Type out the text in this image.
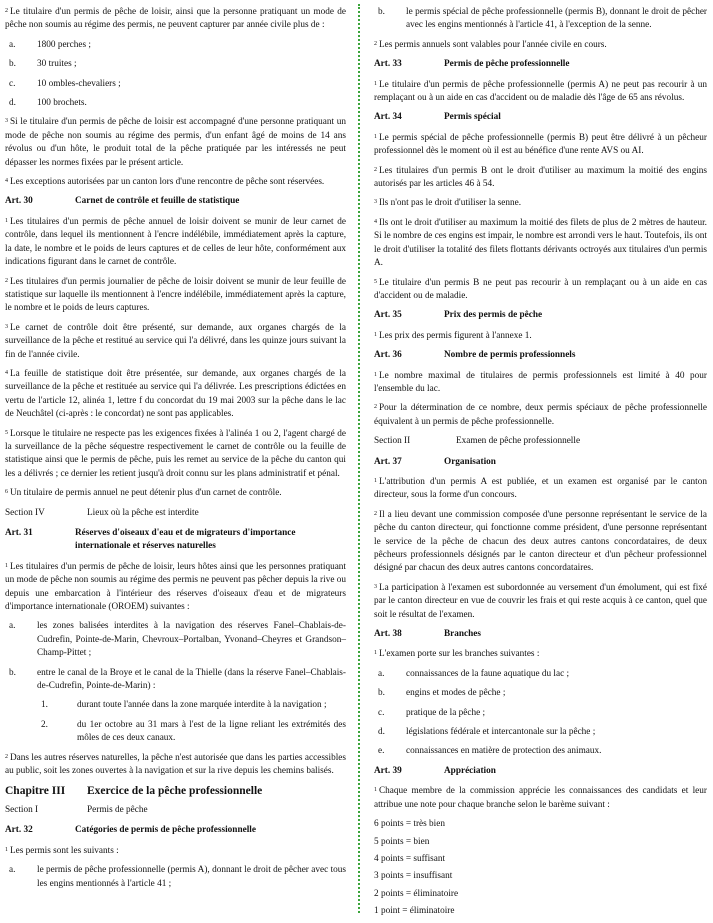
$^2$ Le titulaire d'un permis de pêche de loisir, ainsi que la personne pratiquant un mode de pêche non soumis au régime des permis, ne peuvent capturer par année civile plus de :

a.	1800 perches ;
b.	30 truites ;
c.	10 ombles-chevaliers ;
d.	100 brochets.

$^3$ Si le titulaire d'un permis de pêche de loisir est accompagné d'une personne pratiquant un mode de pêche non soumis au régime des permis, d'un enfant âgé de moins de 14 ans révolus ou d'un hôte, le produit total de la pêche pratiquée par les intéressés ne peut dépasser les normes fixées par le présent article.

$^4$ Les exceptions autorisées par un canton lors d'une rencontre de pêche sont réservées.

Art. 30	Carnet de contrôle et feuille de statistique

$^1$ Les titulaires d'un permis de pêche annuel de loisir doivent se munir de leur carnet de contrôle, dans lequel ils mentionnent à l'encre indélébile, immédiatement après la capture, la date, le nombre et le poids de leurs captures et de celles de leur hôte, conformément aux indications figurant dans le carnet de contrôle.

$^2$ Les titulaires d'un permis journalier de pêche de loisir doivent se munir de leur feuille de statistique sur laquelle ils mentionnent à l'encre indélébile, immédiatement après la capture, le nombre et le poids de leurs captures.

$^3$ Le carnet de contrôle doit être présenté, sur demande, aux organes chargés de la surveillance de la pêche et restitué au service qui l'a délivré, dans les quinze jours suivant la fin de l'année civile.

$^4$ La feuille de statistique doit être présentée, sur demande, aux organes chargés de la surveillance de la pêche et restituée au service qui l'a délivrée. Les prescriptions édictées en vertu de l'article 12, alinéa 1, lettre f du concordat du 19 mai 2003 sur la pêche dans le lac de Neuchâtel (ci-après : le concordat) ne sont pas applicables.

$^5$ Lorsque le titulaire ne respecte pas les exigences fixées à l'alinéa 1 ou 2, l'agent chargé de la surveillance de la pêche séquestre respectivement le carnet de contrôle ou la feuille de statistique ainsi que le permis de pêche, puis les remet au service de la pêche du canton qui les a délivrés ; ce dernier les retient jusqu'à droit connu sur les plans administratif et pénal.

$^6$ Un titulaire de permis annuel ne peut détenir plus d'un carnet de contrôle.

Section IV	Lieux où la pêche est interdite
Art. 31	Réserves d'oiseaux d'eau et de migrateurs d'importance internationale et réserves naturelles

$^1$ Les titulaires d'un permis de pêche de loisir, leurs hôtes ainsi que les personnes pratiquant un mode de pêche non soumis au régime des permis ne peuvent pas pêcher depuis la rive ou depuis une embarcation à l'intérieur des réserves d'oiseaux d'eau et de migrateurs d'importance internationale (OROEM) suivantes :

a.	les zones balisées interdites à la navigation des réserves Fanel–Chablais-de-Cudrefin, Pointe-de-Marin, Chevroux–Portalban, Yvonand–Cheyres et Grandson–Champ-Pittet ;
b.	entre le canal de la Broye et le canal de la Thielle (dans la réserve Fanel–Chablais-de-Cudrefin, Pointe-de-Marin) :
1.	durant toute l'année dans la zone marquée interdite à la navigation ;
2.	du 1er octobre au 31 mars à l'est de la ligne reliant les extrémités des môles de ces deux canaux.

$^2$ Dans les autres réserves naturelles, la pêche n'est autorisée que dans les parties accessibles au public, soit les zones ouvertes à la navigation et sur la rive depuis les chemins balisés.

Chapitre III	Exercice de la pêche professionnelle
Section I	Permis de pêche
Art. 32	Catégories de permis de pêche professionnelle

$^1$ Les permis sont les suivants :

a.	le permis de pêche professionnelle (permis A), donnant le droit de pêcher avec tous les engins mentionnés à l'article 41 ;
b.	le permis spécial de pêche professionnelle (permis B), donnant le droit de pêcher avec les engins mentionnés à l'article 41, à l'exception de la senne.

$^2$ Les permis annuels sont valables pour l'année civile en cours.

Art. 33	Permis de pêche professionnelle

$^1$ Le titulaire d'un permis de pêche professionnelle (permis A) ne peut pas recourir à un remplaçant ou à un aide en cas d'accident ou de maladie dès l'âge de 65 ans révolus.

Art. 34	Permis spécial

$^1$ Le permis spécial de pêche professionnelle (permis B) peut être délivré à un pêcheur professionnel dès le moment où il est au bénéfice d'une rente AVS ou AI.

$^2$ Les titulaires d'un permis B ont le droit d'utiliser au maximum la moitié des engins autorisés par les articles 46 à 54.

$^3$ Ils n'ont pas le droit d'utiliser la senne.

$^4$ Ils ont le droit d'utiliser au maximum la moitié des filets de plus de 2 mètres de hauteur. Si le nombre de ces engins est impair, le nombre est arrondi vers le haut. Toutefois, ils ont le droit d'utiliser la totalité des filets flottants dérivants octroyés aux titulaires d'un permis A.

$^5$ Le titulaire d'un permis B ne peut pas recourir à un remplaçant ou à un aide en cas d'accident ou de maladie.

Art. 35	Prix des permis de pêche

$^1$ Les prix des permis figurent à l'annexe 1.

Art. 36	Nombre de permis professionnels

$^1$ Le nombre maximal de titulaires de permis professionnels est limité à 40 pour l'ensemble du lac.

$^2$ Pour la détermination de ce nombre, deux permis spéciaux de pêche professionnelle équivalent à un permis de pêche professionnelle.

Section II	Examen de pêche professionnelle
Art. 37	Organisation

$^1$ L'attribution d'un permis A est publiée, et un examen est organisé par le canton directeur, sous la forme d'un concours.

$^2$ Il a lieu devant une commission composée d'une personne représentant le service de la pêche du canton directeur, qui fonctionne comme président, d'une personne représentant le service de la pêche de chacun des deux autres cantons concordataires, de deux pêcheurs professionnels désignés par le canton directeur et d'un pêcheur professionnel désigné par chacun des deux autres cantons concordataires.

$^3$ La participation à l'examen est subordonnée au versement d'un émolument, qui est fixé par le canton directeur en vue de couvrir les frais et qui reste acquis à ce canton, quel que soit le résultat de l'examen.

Art. 38	Branches

$^1$ L'examen porte sur les branches suivantes :

a.	connaissances de la faune aquatique du lac ;
b.	engins et modes de pêche ;
c.	pratique de la pêche ;
d.	législations fédérale et intercantonale sur la pêche ;
e.	connaissances en matière de protection des animaux.
Art. 39	Appréciation

$^1$ Chaque membre de la commission apprécie les connaissances des candidats et leur attribue une note pour chaque branche selon le barème suivant :

6 points = très bien
5 points = bien
4 points = suffisant
3 points = insuffisant
2 points = éliminatoire
1 point = éliminatoire
